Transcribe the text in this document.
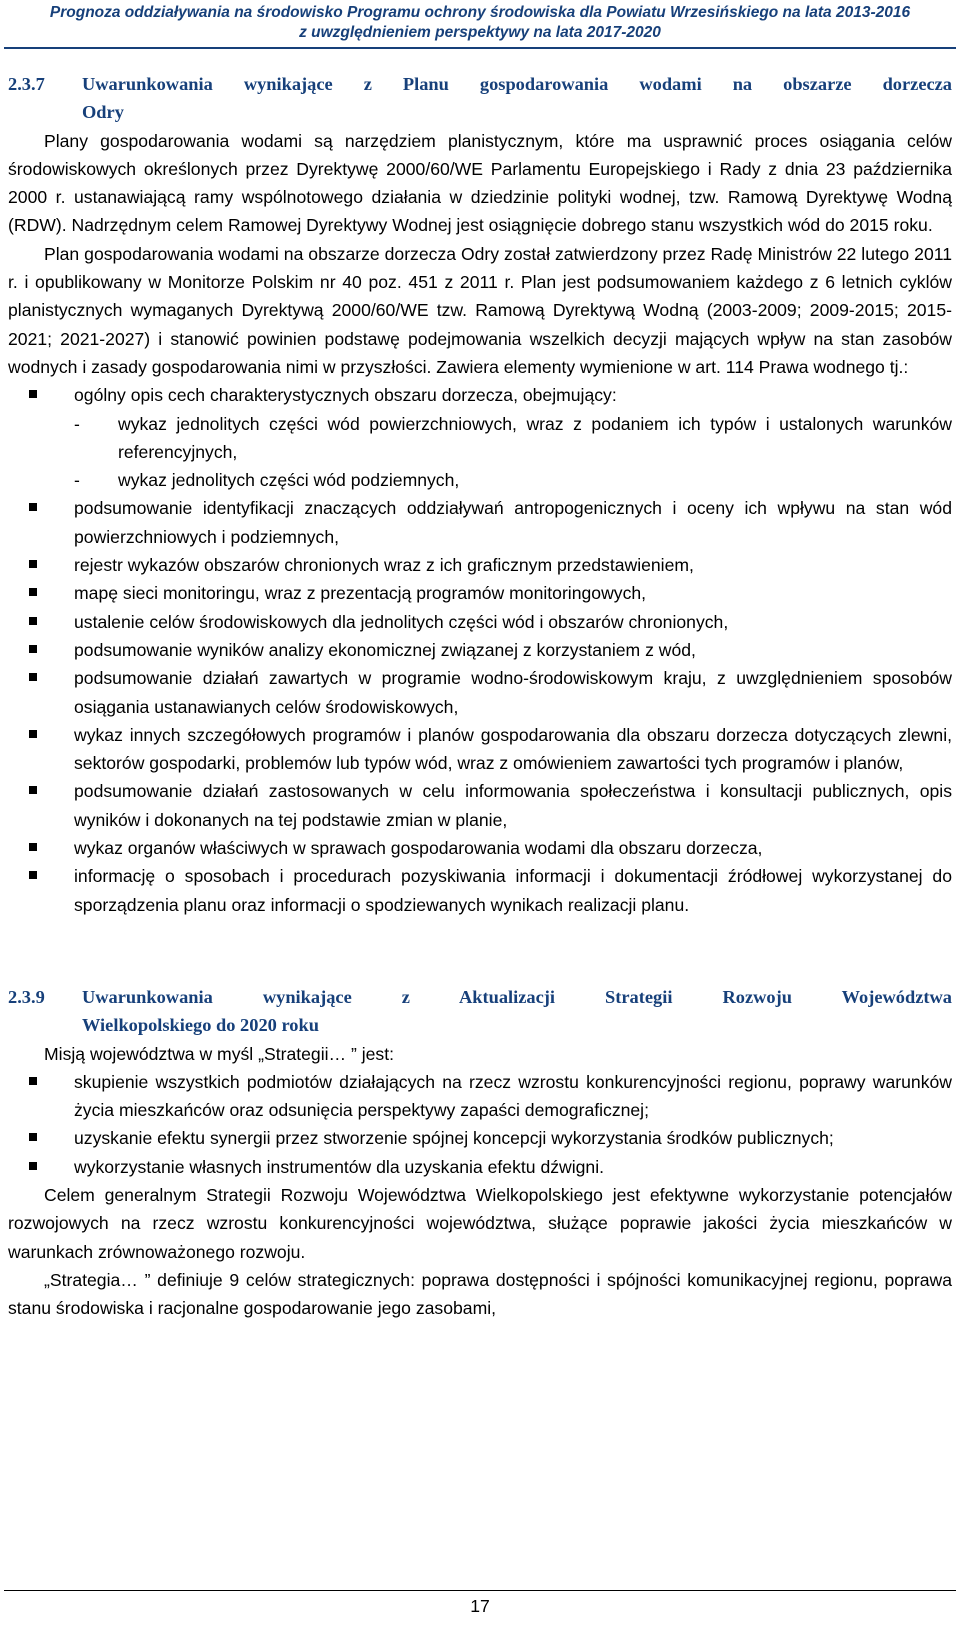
Prognoza oddziaływania na środowisko Programu ochrony środowiska dla Powiatu Wrzesińskiego na lata 2013-2016
z uwzględnieniem perspektywy na lata 2017-2020
2.3.7	Uwarunkowania wynikające z Planu gospodarowania wodami na obszarze dorzecza
Odry

Plany gospodarowania wodami są narzędziem planistycznym, które ma usprawnić proces osiągania celów środowiskowych określonych przez Dyrektywę 2000/60/WE Parlamentu Europejskiego i Rady z dnia 23 października 2000 r. ustanawiającą ramy wspólnotowego działania w dziedzinie polityki wodnej, tzw. Ramową Dyrektywę Wodną (RDW). Nadrzędnym celem Ramowej Dyrektywy Wodnej jest osiągnięcie dobrego stanu wszystkich wód do 2015 roku.

Plan gospodarowania wodami na obszarze dorzecza Odry został zatwierdzony przez Radę Ministrów 22 lutego 2011 r. i opublikowany w Monitorze Polskim nr 40 poz. 451 z 2011 r. Plan jest podsumowaniem każdego z 6 letnich cyklów planistycznych wymaganych Dyrektywą 2000/60/WE tzw. Ramową Dyrektywą Wodną (2003-2009; 2009-2015; 2015-2021; 2021-2027) i stanowić powinien podstawę podejmowania wszelkich decyzji mających wpływ na stan zasobów wodnych i zasady gospodarowania nimi w przyszłości. Zawiera elementy wymienione w art. 114 Prawa wodnego tj.:

ogólny opis cech charakterystycznych obszaru dorzecza, obejmujący:
- wykaz jednolitych części wód powierzchniowych, wraz z podaniem ich typów i ustalonych warunków referencyjnych,
- wykaz jednolitych części wód podziemnych,
podsumowanie identyfikacji znaczących oddziaływań antropogenicznych i oceny ich wpływu na stan wód powierzchniowych i podziemnych,
rejestr wykazów obszarów chronionych wraz z ich graficznym przedstawieniem,
mapę sieci monitoringu, wraz z prezentacją programów monitoringowych,
ustalenie celów środowiskowych dla jednolitych części wód i obszarów chronionych,
podsumowanie wyników analizy ekonomicznej związanej z korzystaniem z wód,
podsumowanie działań zawartych w programie wodno-środowiskowym kraju, z uwzględnieniem sposobów osiągania ustanawianych celów środowiskowych,
wykaz innych szczegółowych programów i planów gospodarowania dla obszaru dorzecza dotyczących zlewni, sektorów gospodarki, problemów lub typów wód, wraz z omówieniem zawartości tych programów i planów,
podsumowanie działań zastosowanych w celu informowania społeczeństwa i konsultacji publicznych, opis wyników i dokonanych na tej podstawie zmian w planie,
wykaz organów właściwych w sprawach gospodarowania wodami dla obszaru dorzecza,
informację o sposobach i procedurach pozyskiwania informacji i dokumentacji źródłowej wykorzystanej do sporządzenia planu oraz informacji o spodziewanych wynikach realizacji planu.
2.3.9	Uwarunkowania wynikające z Aktualizacji Strategii Rozwoju Województwa
Wielkopolskiego do 2020 roku

Misją województwa w myśl „Strategii… ” jest:

skupienie wszystkich podmiotów działających na rzecz wzrostu konkurencyjności regionu, poprawy warunków życia mieszkańców oraz odsunięcia perspektywy zapaści demograficznej;
uzyskanie efektu synergii przez stworzenie spójnej koncepcji wykorzystania środków publicznych;
wykorzystanie własnych instrumentów dla uzyskania efektu dźwigni.

Celem generalnym Strategii Rozwoju Województwa Wielkopolskiego jest efektywne wykorzystanie potencjałów rozwojowych na rzecz wzrostu konkurencyjności województwa, służące poprawie jakości życia mieszkańców w warunkach zrównoważonego rozwoju.

„Strategia… ” definiuje 9 celów strategicznych: poprawa dostępności i spójności komunikacyjnej regionu, poprawa stanu środowiska i racjonalne gospodarowanie jego zasobami,

17
